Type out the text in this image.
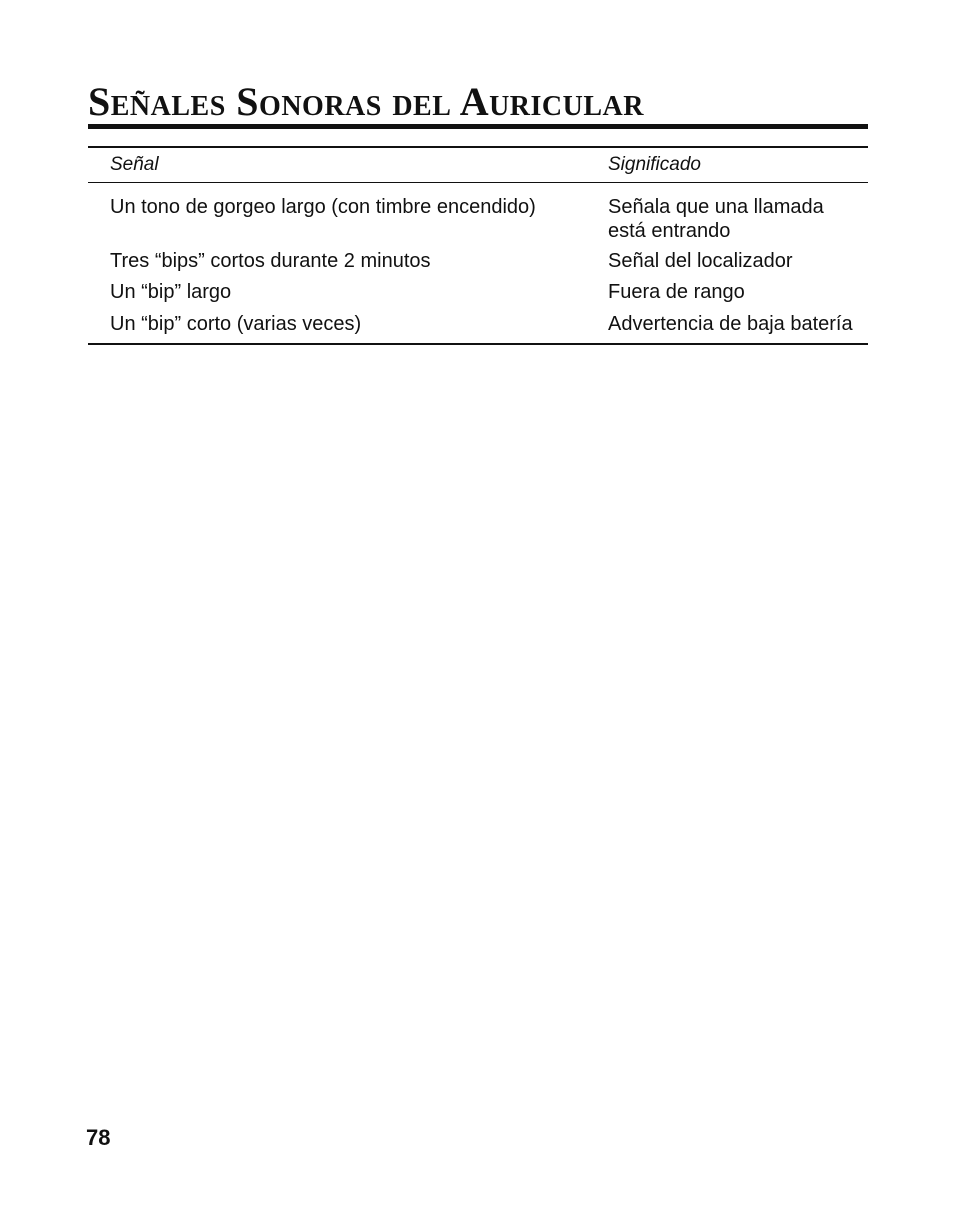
Señales Sonoras del Auricular
Señal	Significado
Un tono de gorgeo largo (con timbre encendido)	Señala que una llamada
está entrando
Tres “bips” cortos durante 2 minutos	Señal del localizador
Un “bip” largo	Fuera de rango
Un “bip” corto (varias veces)	Advertencia de baja batería
78
